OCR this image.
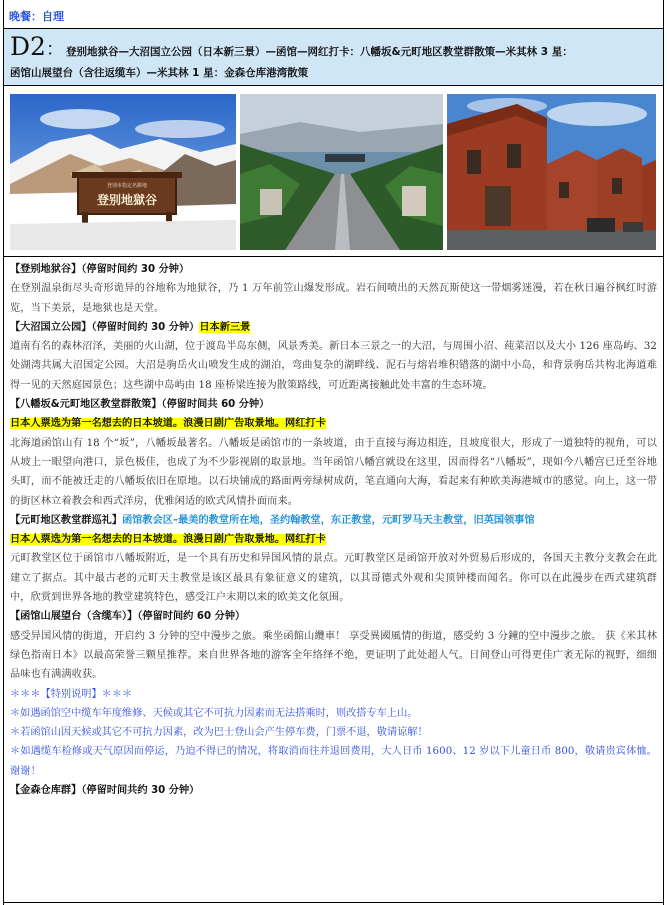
晚餐：自理
D2 ： 登别地狱谷—大沼国立公园（日本新三景）—函馆—网红打卡：八幡坂&元町地区教堂群散策—米其林 3 星：
函馆山展望台（含往返缆车）—米其林 1 星：金森仓库港湾散策
登別市指定名勝地
登别地獄谷
【登别地狱谷】（停留时间约 30 分钟）
在登别温泉街尽头奇形诡异的谷地称为地狱谷，乃 1 万年前笠山爆发形成。岩石间喷出的天然瓦斯使这一带烟雾迷漫，若在秋日遍谷枫红时游览，当下美景，是地狱也是天堂。
【大沼国立公园】（停留时间约 30 分钟）日本新三景
道南有名的森林沼泽，美丽的火山湖，位于渡岛半岛东侧，风景秀美。新日本三景之一的大沼，与周围小沼、莼菜沼以及大小 126 座岛屿、32 处湖湾共属大沼国定公园。大沼是驹岳火山喷发生成的湖泊，弯曲复杂的湖畔线、泥石与熔岩堆积错落的湖中小岛，和背景驹岳共构北海道难得一见的天然庭园景色；这些湖中岛屿由 18 座桥梁连接为散策路线，可近距离接触此处丰富的生态环境。
【八幡坂&元町地区教堂群散策】（停留时间共 60 分钟）
日本人票选为第一名想去的日本坡道。浪漫日剧广告取景地。网红打卡
北海道函馆山有 18 个“坂”，八幡坂最著名。八幡坂是函馆市的一条坡道，由于直接与海边相连，且坡度很大，形成了一道独特的视角，可以从坡上一眼望向港口，景色极佳，也成了为不少影视剧的取景地。当年函馆八幡宫就设在这里，因而得名“八幡坂”，现如今八幡宫已迁至谷地头町，而不能被迁走的八幡坂依旧在原地。以石块铺成的路面两旁绿树成荫，笔直通向大海，看起来有种欧美海港城市的感觉。向上，这一带的街区林立着教会和西式洋房，优雅闲适的欧式风情扑面而来。
【元町地区教堂群巡礼】函馆教会区–最美的教堂所在地，圣约翰教堂，东正教堂，元町罗马天主教堂，旧英国领事馆
日本人票选为第一名想去的日本坡道。浪漫日剧广告取景地。网红打卡
元町教堂区位于函馆市八幡坂附近，是一个具有历史和异国风情的景点。元町教堂区是函馆开放对外贸易后形成的，各国天主教分支教会在此建立了据点。其中最古老的元町天主教堂是该区最具有象征意义的建筑，以其哥德式外观和尖顶钟楼而闻名。你可以在此漫步在西式建筑群中，欣赏到世界各地的教堂建筑特色，感受江户末期以来的欧美文化氛围。
【函馆山展望台（含缆车）】（停留时间约 60 分钟）
感受异国风情的街道，开启约 3 分钟的空中漫步之旅。乘坐函館山纜車！ 享受異國風情的街道，感受約 3 分鐘的空中漫步之旅。 获《米其林绿色指南日本》以最高荣誉三颗星推荐。来自世界各地的游客全年络绎不绝，更证明了此处超人气。日间登山可得更佳广袤无际的视野，细细品味也有满满收获。
＊＊＊【特别说明】＊＊＊
＊如遇函馆空中缆车年度维修、天候或其它不可抗力因素而无法搭乘时，则改搭专车上山。
＊若函馆山因天候或其它不可抗力因素，改为巴士登山会产生停车费，门票不退，敬请谅解！
＊如遇缆车检修或天气原因而停运，乃迫不得已的情况，将取消而往并退回费用，大人日币 1600、12 岁以下儿童日币 800，敬请贵宾体恤。谢谢！
【金森仓库群】（停留时间共约 30 分钟）
